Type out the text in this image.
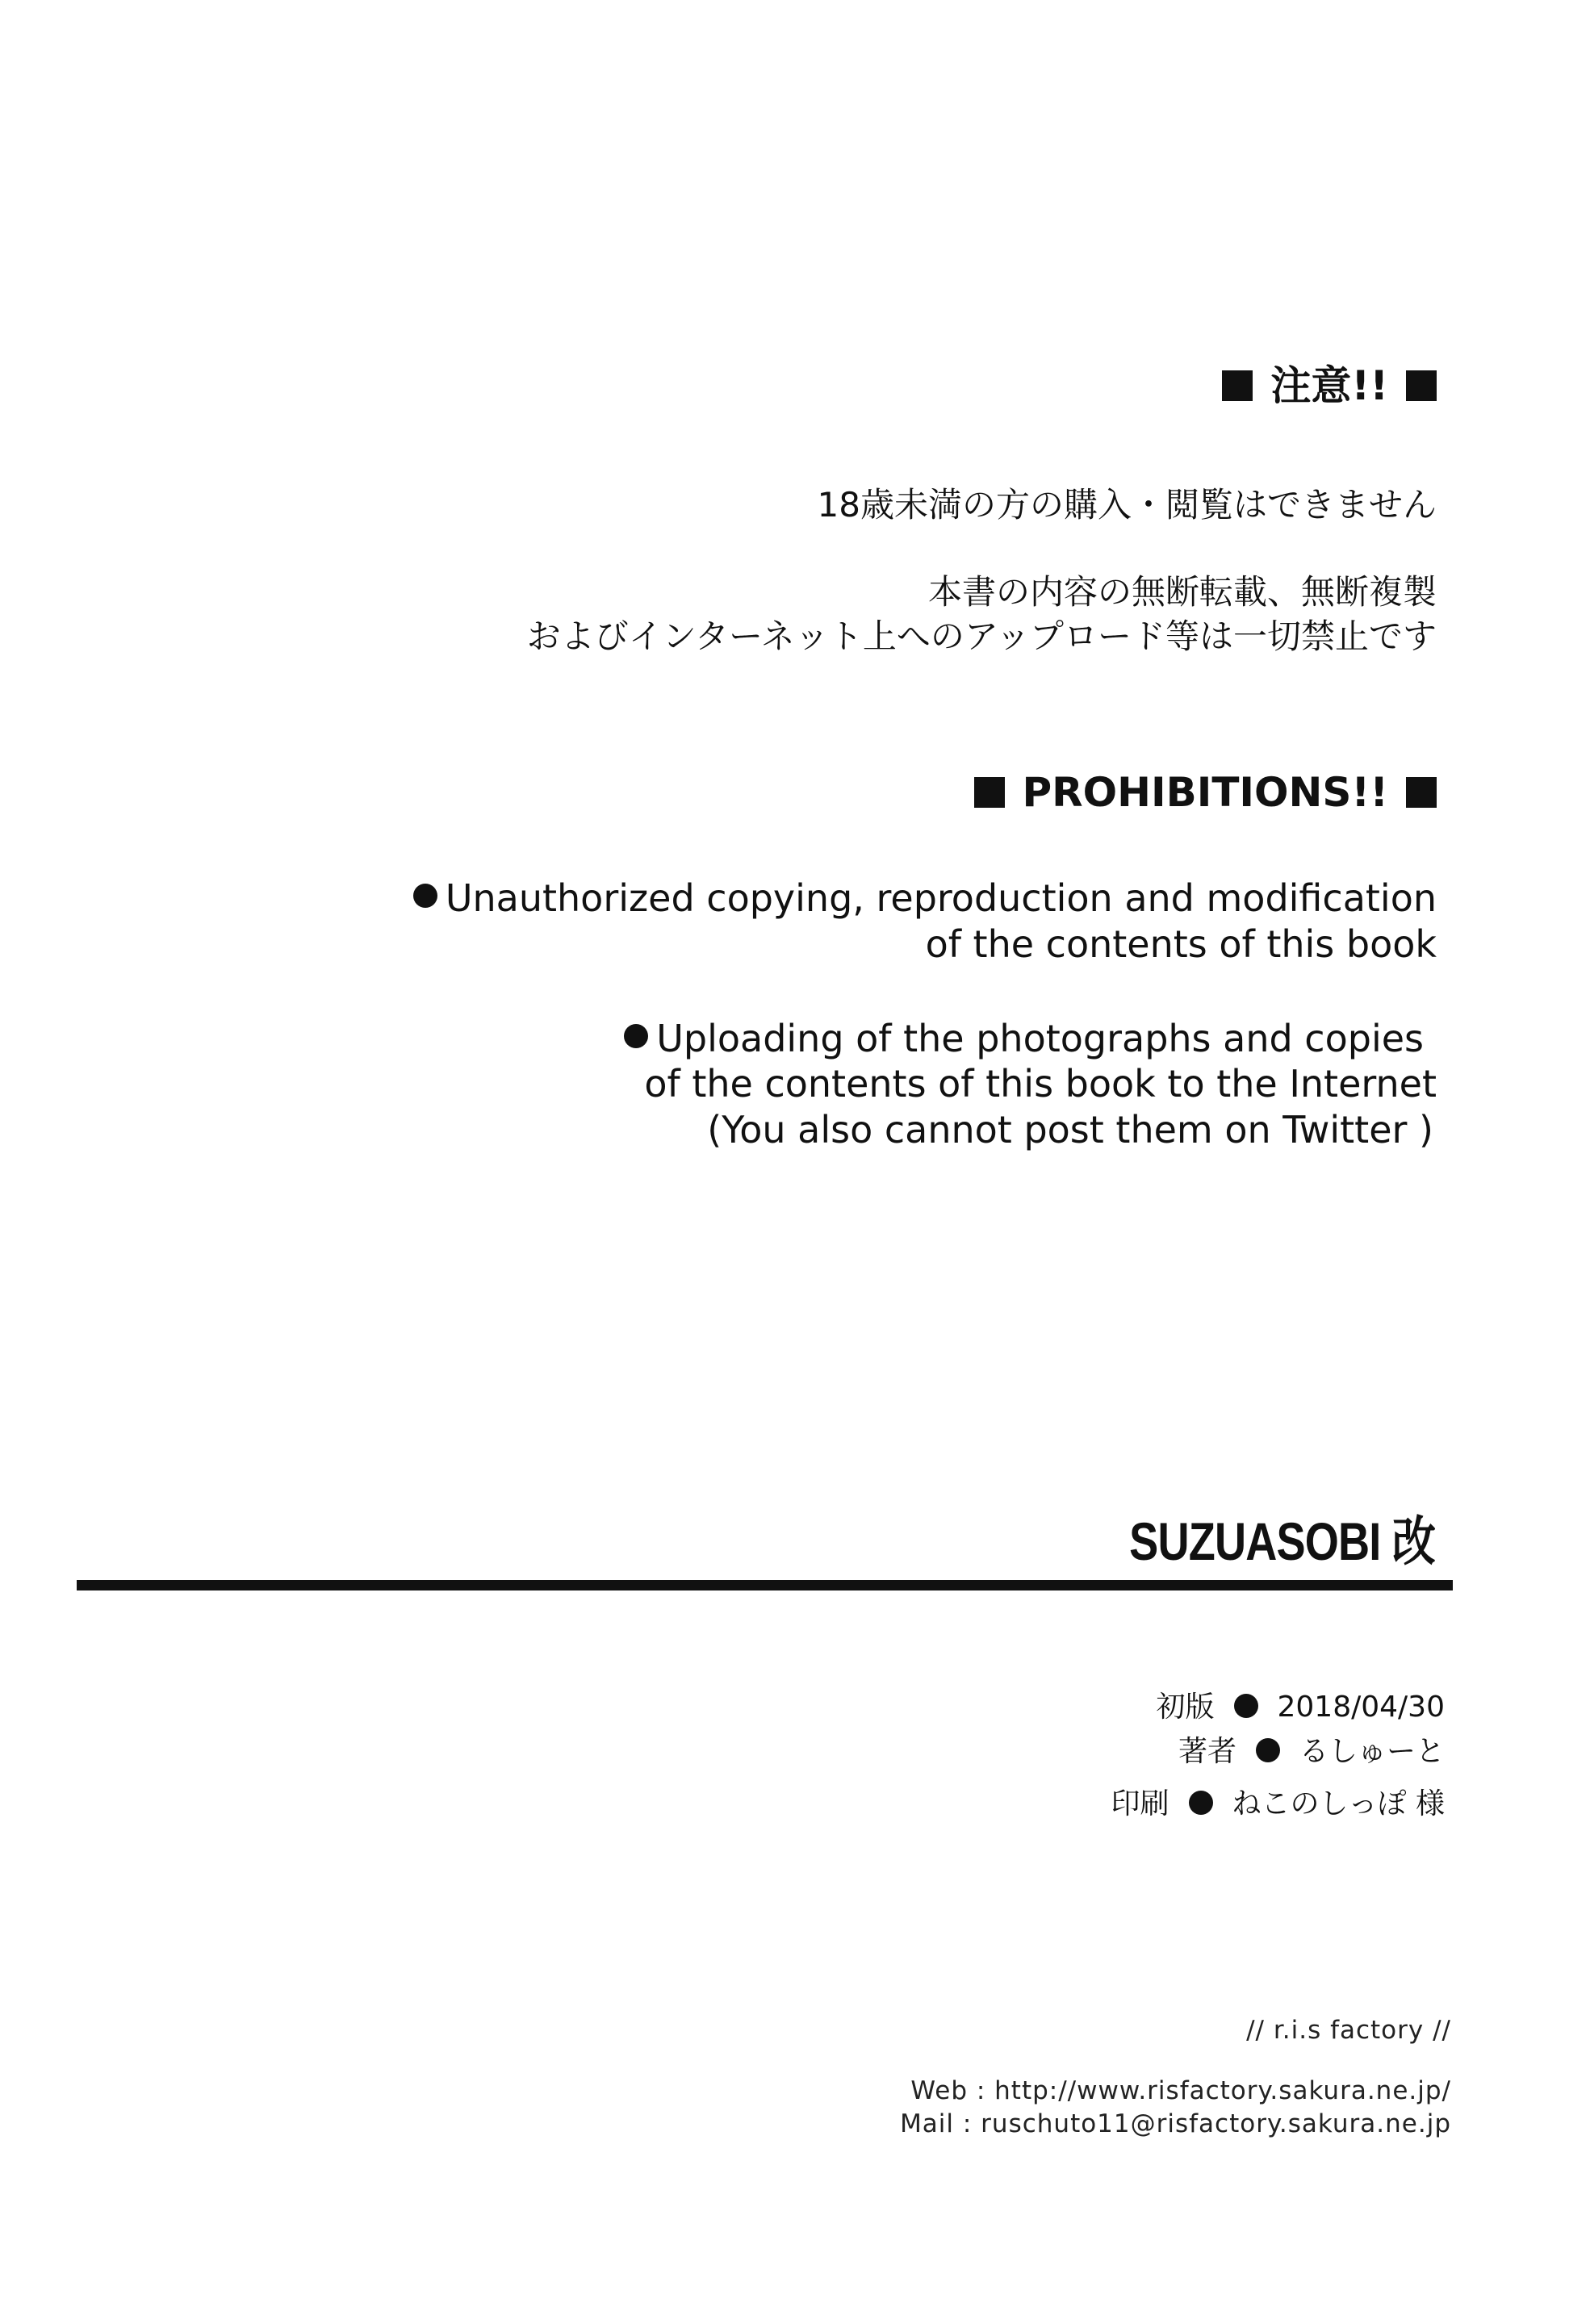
注意!!
18歳未満の方の購入・閲覧はできません
本書の内容の無断転載、無断複製
およびインターネット上へのアップロード等は一切禁止です
PROHIBITIONS!!
Unauthorized copying, reproduction and modification
of the contents of this book
Uploading of the photographs and copies
of the contents of this book to the Internet
(You also cannot post them on Twitter )
SUZUASOBI 改
初版 2018/04/30
著者 るしゅーと
印刷 ねこのしっぽ 様
// r.i.s factory //
Web : http://www.risfactory.sakura.ne.jp/
Mail : ruschuto11@risfactory.sakura.ne.jp
